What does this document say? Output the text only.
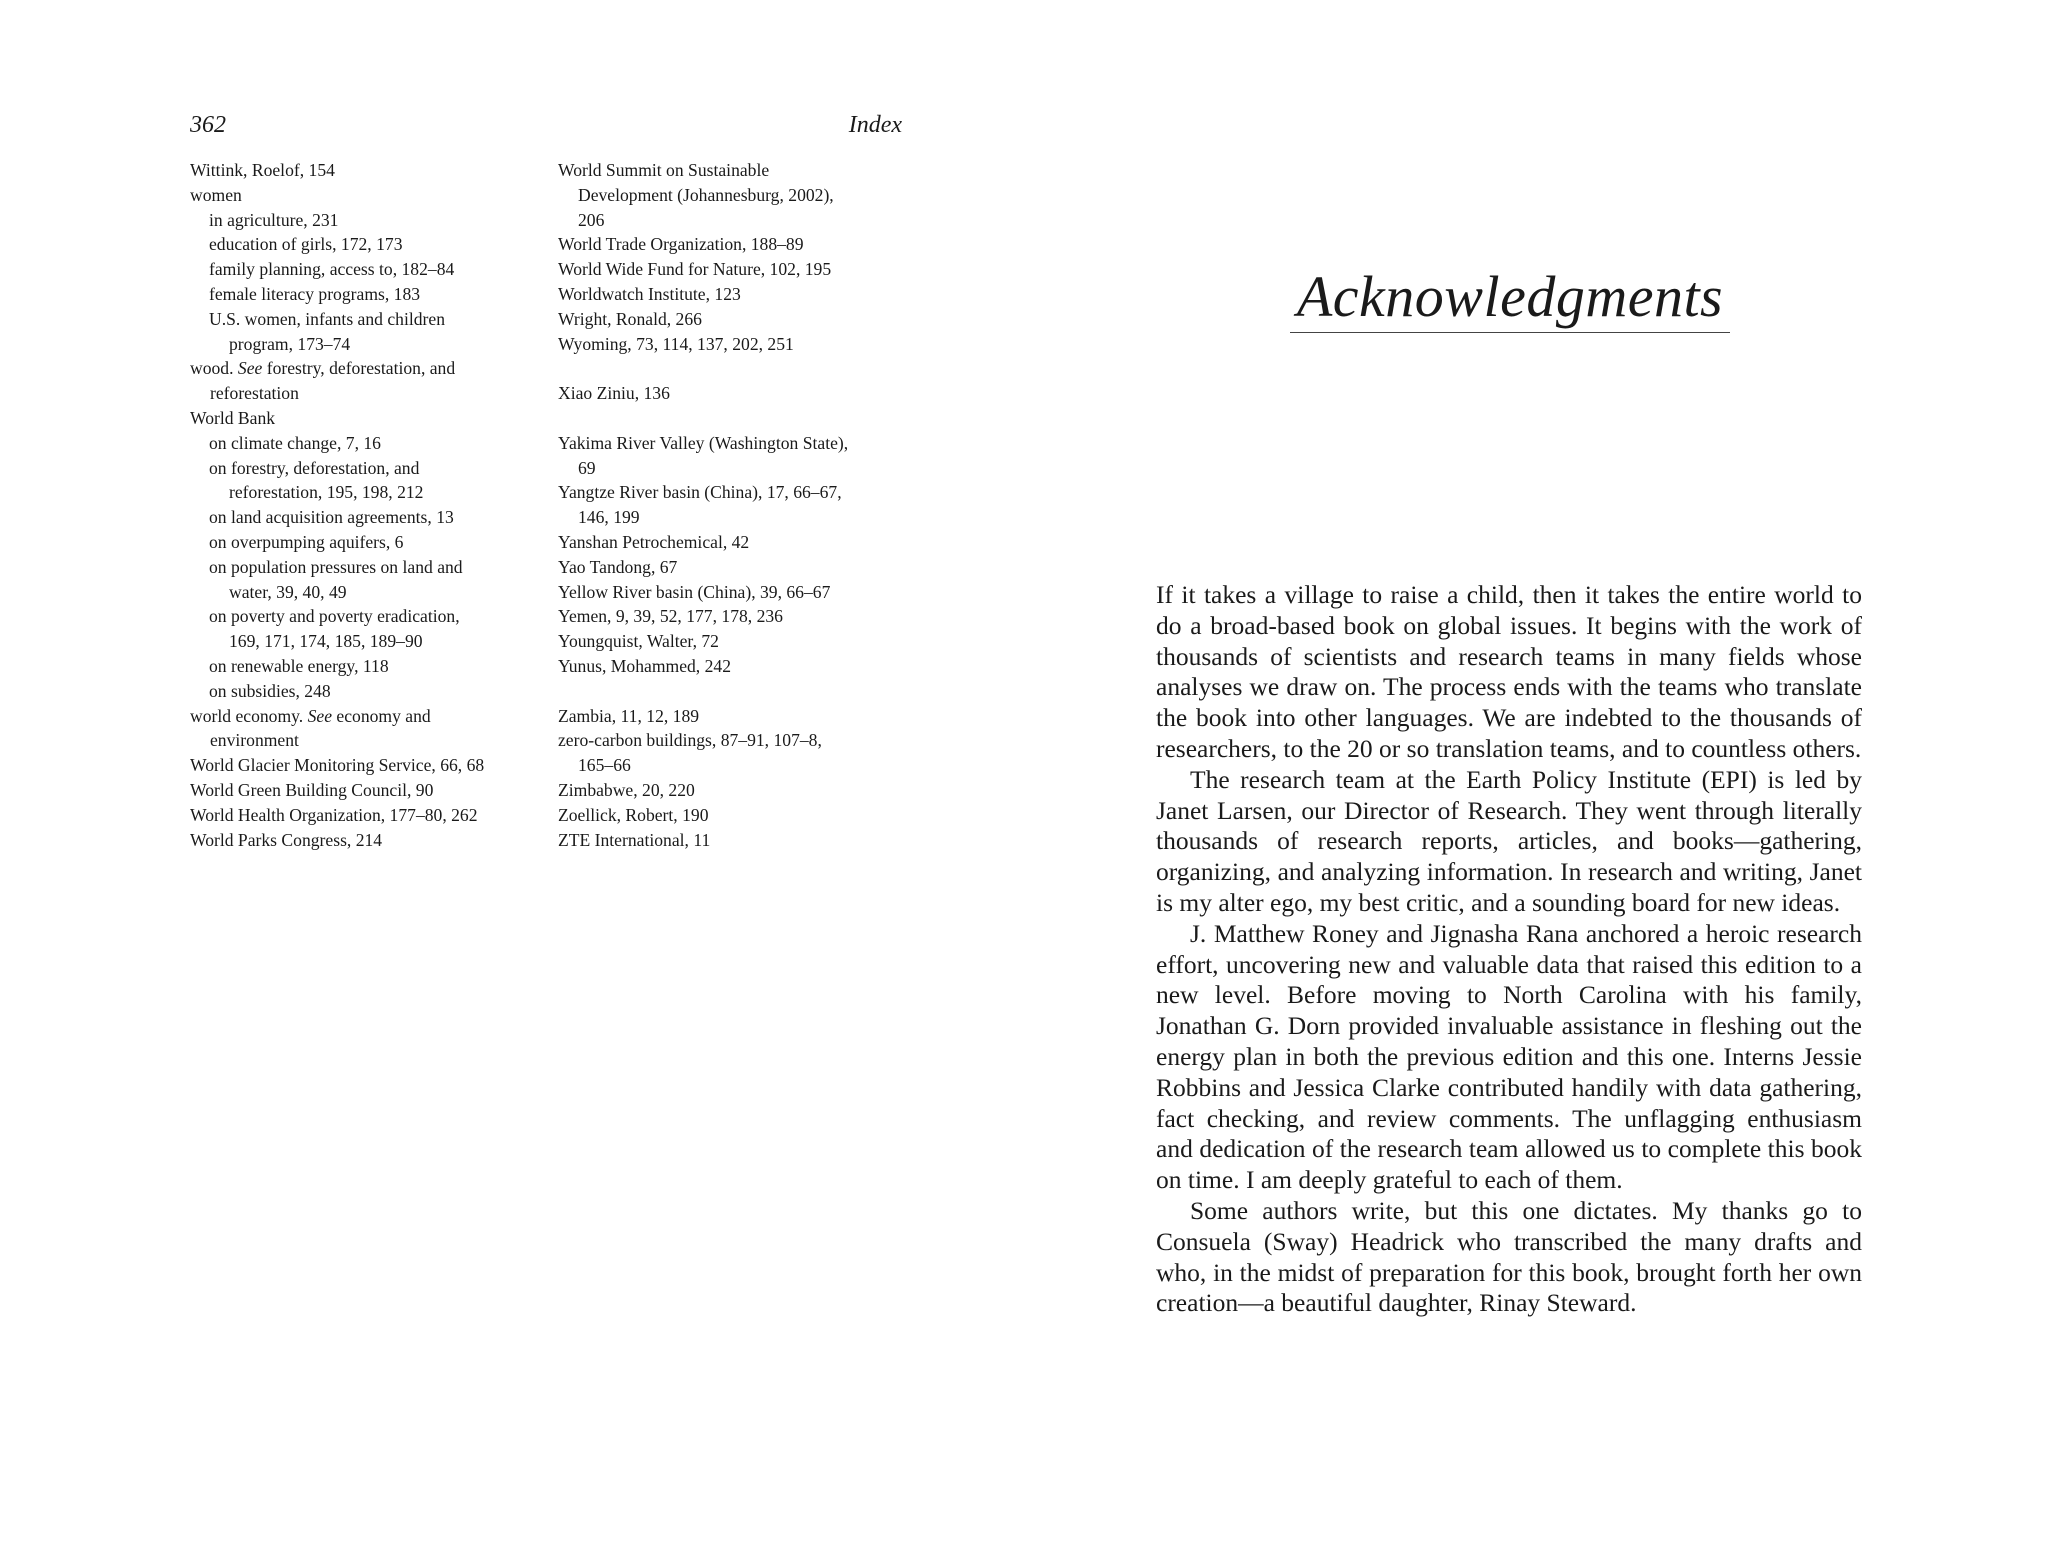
362	Index
Wittink, Roelof, 154
women
in agriculture, 231
education of girls, 172, 173
family planning, access to, 182–84
female literacy programs, 183
U.S. women, infants and children
program, 173–74
wood. See forestry, deforestation, and
reforestation
World Bank
on climate change, 7, 16
on forestry, deforestation, and
reforestation, 195, 198, 212
on land acquisition agreements, 13
on overpumping aquifers, 6
on population pressures on land and
water, 39, 40, 49
on poverty and poverty eradication,
169, 171, 174, 185, 189–90
on renewable energy, 118
on subsidies, 248
world economy. See economy and
environment
World Glacier Monitoring Service, 66, 68
World Green Building Council, 90
World Health Organization, 177–80, 262
World Parks Congress, 214
World Summit on Sustainable
Development (Johannesburg, 2002),
206
World Trade Organization, 188–89
World Wide Fund for Nature, 102, 195
Worldwatch Institute, 123
Wright, Ronald, 266
Wyoming, 73, 114, 137, 202, 251
Xiao Ziniu, 136
Yakima River Valley (Washington State),
69
Yangtze River basin (China), 17, 66–67,
146, 199
Yanshan Petrochemical, 42
Yao Tandong, 67
Yellow River basin (China), 39, 66–67
Yemen, 9, 39, 52, 177, 178, 236
Youngquist, Walter, 72
Yunus, Mohammed, 242
Zambia, 11, 12, 189
zero-carbon buildings, 87–91, 107–8,
165–66
Zimbabwe, 20, 220
Zoellick, Robert, 190
ZTE International, 11
Acknowledgments

If it takes a village to raise a child, then it takes the entire world to do a broad-based book on global issues. It begins with the work of thousands of scientists and research teams in many fields whose analyses we draw on. The process ends with the teams who translate the book into other languages. We are indebted to the thousands of researchers, to the 20 or so translation teams, and to countless others.

The research team at the Earth Policy Institute (EPI) is led by Janet Larsen, our Director of Research. They went through literally thousands of research reports, articles, and books—gathering, organizing, and analyzing information. In research and writing, Janet is my alter ego, my best critic, and a sounding board for new ideas.

J. Matthew Roney and Jignasha Rana anchored a heroic research effort, uncovering new and valuable data that raised this edition to a new level. Before moving to North Carolina with his family, Jonathan G. Dorn provided invaluable assistance in fleshing out the energy plan in both the previous edition and this one. Interns Jessie Robbins and Jessica Clarke contributed handily with data gathering, fact checking, and review comments. The unflagging enthusiasm and dedication of the research team allowed us to complete this book on time. I am deeply grateful to each of them.

Some authors write, but this one dictates. My thanks go to Consuela (Sway) Headrick who transcribed the many drafts and who, in the midst of preparation for this book, brought forth her own creation—a beautiful daughter, Rinay Steward.
